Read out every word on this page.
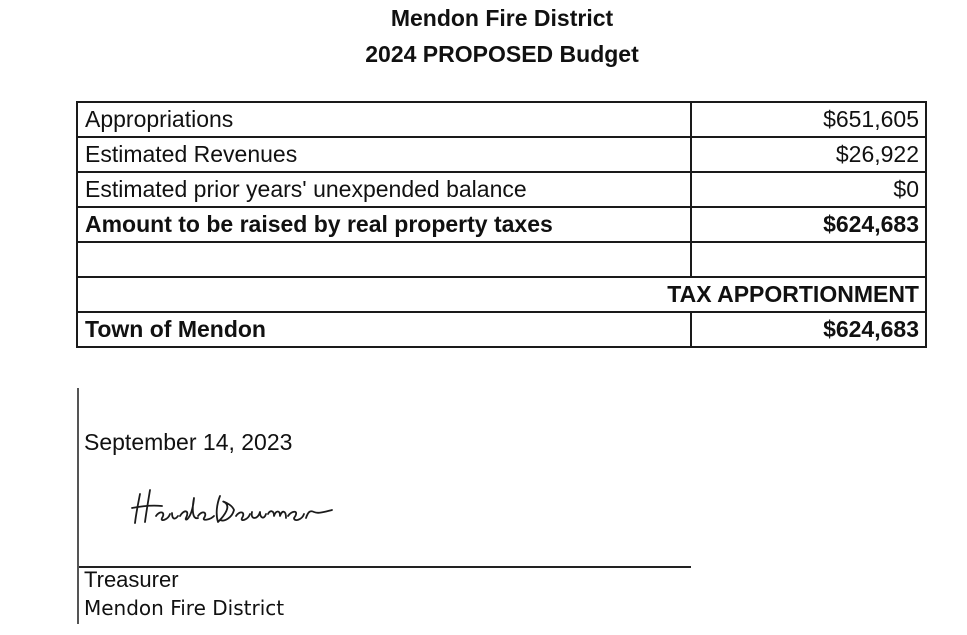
Mendon Fire District
2024 PROPOSED Budget
Appropriations	$651,605
Estimated Revenues	$26,922
Estimated prior years' unexpended balance	$0
Amount to be raised by real property taxes	$624,683

TAX APPORTIONMENT	
Town of Mendon	$624,683
September 14, 2023
Treasurer
Mendon Fire District
